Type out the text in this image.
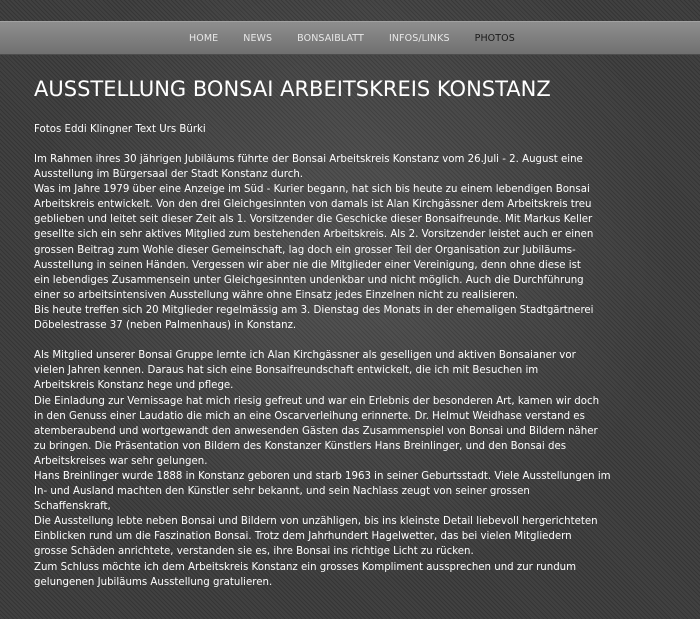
HOME	NEWS	BONSAIBLATT	INFOS/LINKS	PHOTOS
AUSSTELLUNG BONSAI ARBEITSKREIS KONSTANZ

Fotos Eddi Klingner Text Urs Bürki

Im Rahmen ihres 30 jährigen Jubiläums führte der Bonsai Arbeitskreis Konstanz vom 26.Juli - 2. August eine
Ausstellung im Bürgersaal der Stadt Konstanz durch.
Was im Jahre 1979 über eine Anzeige im Süd - Kurier begann, hat sich bis heute zu einem lebendigen Bonsai
Arbeitskreis entwickelt. Von den drei Gleichgesinnten von damals ist Alan Kirchgässner dem Arbeitskreis treu
geblieben und leitet seit dieser Zeit als 1. Vorsitzender die Geschicke dieser Bonsaifreunde. Mit Markus Keller
gesellte sich ein sehr aktives Mitglied zum bestehenden Arbeitskreis. Als 2. Vorsitzender leistet auch er einen
grossen Beitrag zum Wohle dieser Gemeinschaft, lag doch ein grosser Teil der Organisation zur Jubiläums-
Ausstellung in seinen Händen. Vergessen wir aber nie die Mitglieder einer Vereinigung, denn ohne diese ist
ein lebendiges Zusammensein unter Gleichgesinnten undenkbar und nicht möglich. Auch die Durchführung
einer so arbeitsintensiven Ausstellung währe ohne Einsatz jedes Einzelnen nicht zu realisieren.
Bis heute treffen sich 20 Mitglieder regelmässig am 3. Dienstag des Monats in der ehemaligen Stadtgärtnerei
Döbelestrasse 37 (neben Palmenhaus) in Konstanz.
Als Mitglied unserer Bonsai Gruppe lernte ich Alan Kirchgässner als geselligen und aktiven Bonsaianer vor
vielen Jahren kennen. Daraus hat sich eine Bonsaifreundschaft entwickelt, die ich mit Besuchen im
Arbeitskreis Konstanz hege und pflege.
Die Einladung zur Vernissage hat mich riesig gefreut und war ein Erlebnis der besonderen Art, kamen wir doch
in den Genuss einer Laudatio die mich an eine Oscarverleihung erinnerte. Dr. Helmut Weidhase verstand es
atemberaubend und wortgewandt den anwesenden Gästen das Zusammenspiel von Bonsai und Bildern näher
zu bringen. Die Präsentation von Bildern des Konstanzer Künstlers Hans Breinlinger, und den Bonsai des
Arbeitskreises war sehr gelungen.
Hans Breinlinger wurde 1888 in Konstanz geboren und starb 1963 in seiner Geburtsstadt. Viele Ausstellungen im
In- und Ausland machten den Künstler sehr bekannt, und sein Nachlass zeugt von seiner grossen
Schaffenskraft,
Die Ausstellung lebte neben Bonsai und Bildern von unzähligen, bis ins kleinste Detail liebevoll hergerichteten
Einblicken rund um die Faszination Bonsai. Trotz dem Jahrhundert Hagelwetter, das bei vielen Mitgliedern
grosse Schäden anrichtete, verstanden sie es, ihre Bonsai ins richtige Licht zu rücken.
Zum Schluss möchte ich dem Arbeitskreis Konstanz ein grosses Kompliment aussprechen und zur rundum
gelungenen Jubiläums Ausstellung gratulieren.
